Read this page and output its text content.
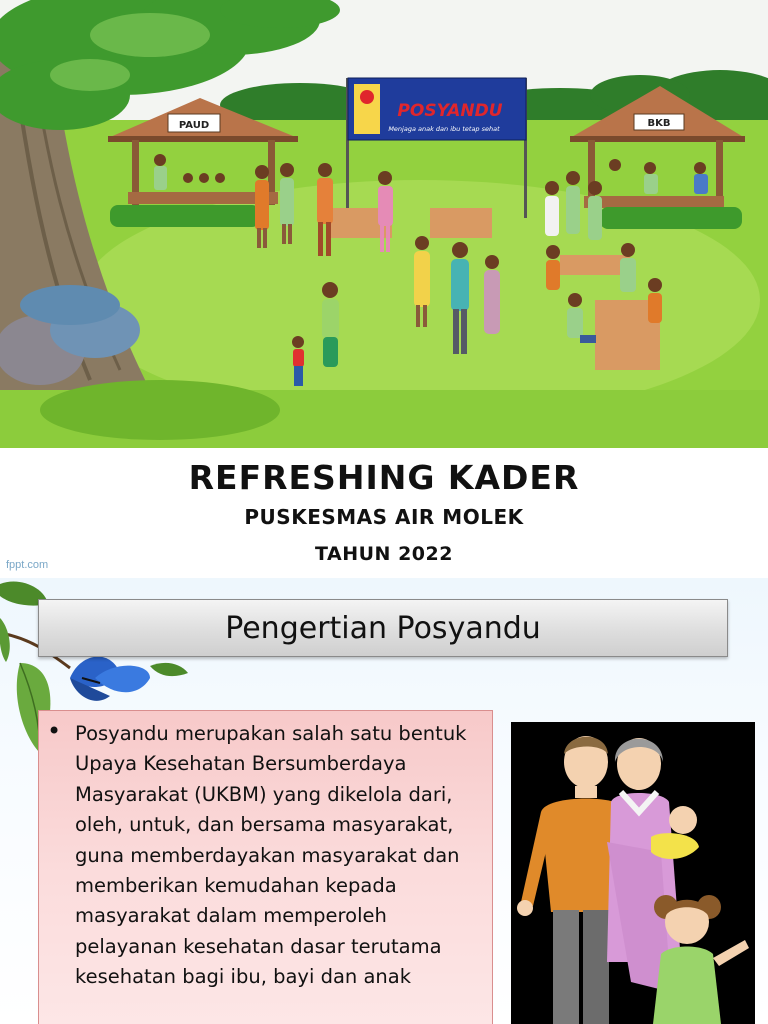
PAUD	BKB
POSYANDU
Menjaga anak dan ibu tetap sehat
REFRESHING KADER
PUSKESMAS AIR MOLEK
TAHUN 2022
fppt.com
Pengertian Posyandu
• Posyandu merupakan salah satu bentuk Upaya Kesehatan Bersumberdaya Masyarakat (UKBM) yang dikelola dari, oleh, untuk, dan bersama masyarakat, guna memberdayakan masyarakat dan memberikan kemudahan kepada masyarakat dalam memperoleh pelayanan kesehatan dasar terutama kesehatan bagi ibu, bayi dan anak
